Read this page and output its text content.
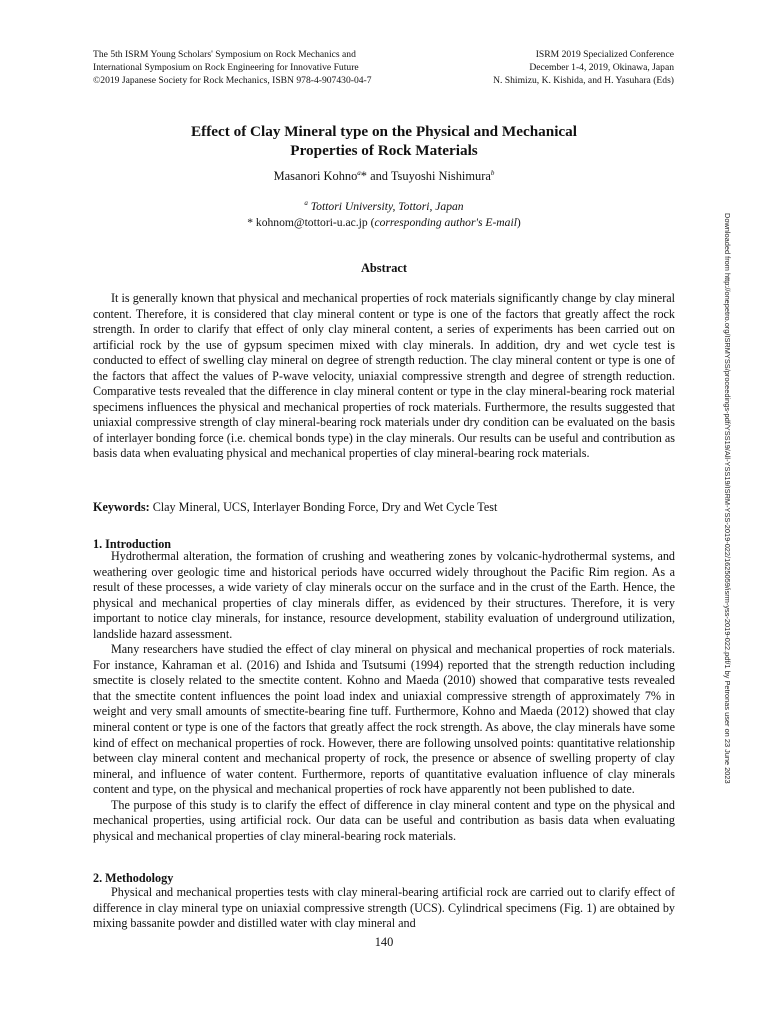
The 5th ISRM Young Scholars' Symposium on Rock Mechanics and
International Symposium on Rock Engineering for Innovative Future
©2019 Japanese Society for Rock Mechanics, ISBN 978-4-907430-04-7
ISRM 2019 Specialized Conference
December 1-4, 2019, Okinawa, Japan
N. Shimizu, K. Kishida, and H. Yasuhara (Eds)
Effect of Clay Mineral type on the Physical and Mechanical
Properties of Rock Materials
Masanori Kohno$^a$* and Tsuyoshi Nishimura$^b$
$^a$ Tottori University, Tottori, Japan
* kohnom@tottori-u.ac.jp (corresponding author's E-mail)
Abstract

It is generally known that physical and mechanical properties of rock materials significantly change by clay mineral content. Therefore, it is considered that clay mineral content or type is one of the factors that greatly affect the rock strength. In order to clarify that effect of only clay mineral content, a series of experiments has been carried out on artificial rock by the use of gypsum specimen mixed with clay minerals. In addition, dry and wet cycle test is conducted to effect of swelling clay mineral on degree of strength reduction. The clay mineral content or type is one of the factors that affect the values of P-wave velocity, uniaxial compressive strength and degree of strength reduction. Comparative tests revealed that the difference in clay mineral content or type in the clay mineral-bearing rock material specimens influences the physical and mechanical properties of rock materials. Furthermore, the results suggested that uniaxial compressive strength of clay mineral-bearing rock materials under dry condition can be evaluated on the basis of interlayer bonding force (i.e. chemical bonds type) in the clay minerals. Our results can be useful and contribution as basis data when evaluating physical and mechanical properties of clay mineral-bearing rock materials.

Keywords: Clay Mineral, UCS, Interlayer Bonding Force, Dry and Wet Cycle Test
1. Introduction

Hydrothermal alteration, the formation of crushing and weathering zones by volcanic-hydrothermal systems, and weathering over geologic time and historical periods have occurred widely throughout the Pacific Rim region. As a result of these processes, a wide variety of clay minerals occur on the surface and in the crust of the Earth. Hence, the physical and mechanical properties of clay minerals differ, as evidenced by their structures. Therefore, it is very important to notice clay minerals, for instance, resource development, stability evaluation of underground utilization, landslide hazard assessment.

Many researchers have studied the effect of clay mineral on physical and mechanical properties of rock materials. For instance, Kahraman et al. (2016) and Ishida and Tsutsumi (1994) reported that the strength reduction including smectite is closely related to the smectite content. Kohno and Maeda (2010) showed that comparative tests revealed that the smectite content influences the point load index and uniaxial compressive strength of approximately 7% in weight and very small amounts of smectite-bearing fine tuff. Furthermore, Kohno and Maeda (2012) showed that clay mineral content or type is one of the factors that greatly affect the rock strength. As above, the clay minerals have some kind of effect on mechanical properties of rock. However, there are following unsolved points: quantitative relationship between clay mineral content and mechanical property of rock, the presence or absence of swelling property of clay mineral, and influence of water content. Furthermore, reports of quantitative evaluation influence of clay minerals content and type, on the physical and mechanical properties of rock have apparently not been published to date.

The purpose of this study is to clarify the effect of difference in clay mineral content and type on the physical and mechanical properties, using artificial rock. Our data can be useful and contribution as basis data when evaluating physical and mechanical properties of clay mineral-bearing rock materials.

2. Methodology

Physical and mechanical properties tests with clay mineral-bearing artificial rock are carried out to clarify effect of difference in clay mineral type on uniaxial compressive strength (UCS). Cylindrical specimens (Fig. 1) are obtained by mixing bassanite powder and distilled water with clay mineral and

140
Downloaded from http://onepetro.org/ISRMYSS/proceedings-pdf/YSS19/All-YSS19/ISRM-YSS-2019-022/1625059/isrm-yss-2019-022.pdf/1 by Petronas user on 23 June 2023
